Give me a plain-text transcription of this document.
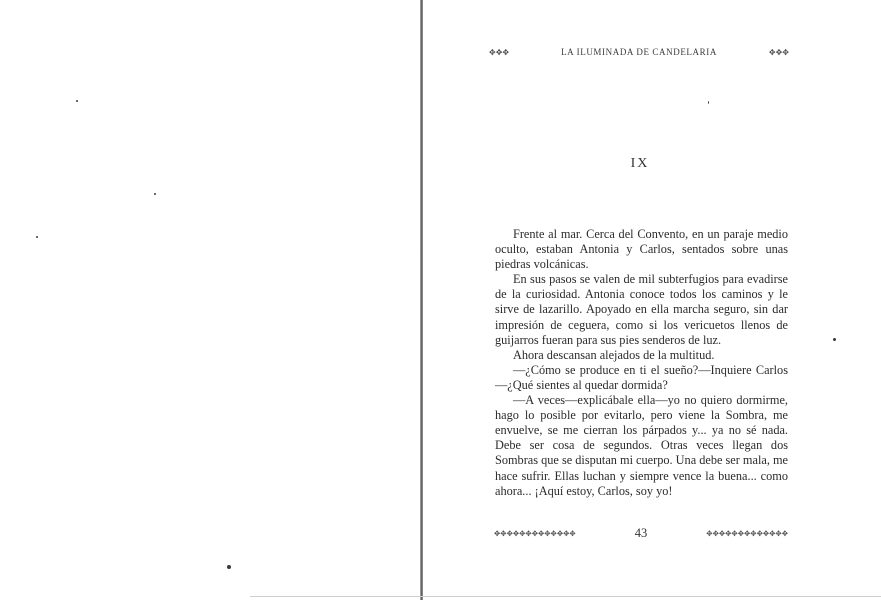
✥✥✥	LA ILUMINADA DE CANDELARIA	✥✥✥
IX

Frente al mar. Cerca del Convento, en un paraje medio oculto, estaban Antonia y Carlos, sentados sobre unas piedras volcánicas.

En sus pasos se valen de mil subterfugios para evadirse de la curiosidad. Antonia conoce todos los caminos y le sirve de lazarillo. Apoyado en ella marcha seguro, sin dar impresión de ceguera, como si los vericuetos llenos de guijarros fueran para sus pies senderos de luz.

Ahora descansan alejados de la multitud.

—¿Cómo se produce en ti el sueño?—Inquiere Carlos—¿Qué sientes al quedar dormida?

—A veces—explicábale ella—yo no quiero dormirme, hago lo posible por evitarlo, pero viene la Sombra, me envuelve, se me cierran los párpados y... ya no sé nada. Debe ser cosa de segundos. Otras veces llegan dos Sombras que se disputan mi cuerpo. Una debe ser mala, me hace sufrir. Ellas luchan y siempre vence la buena... como ahora... ¡Aquí estoy, Carlos, soy yo!

✥✥✥✥✥✥✥✥✥✥✥✥✥	43	✥✥✥✥✥✥✥✥✥✥✥✥✥
